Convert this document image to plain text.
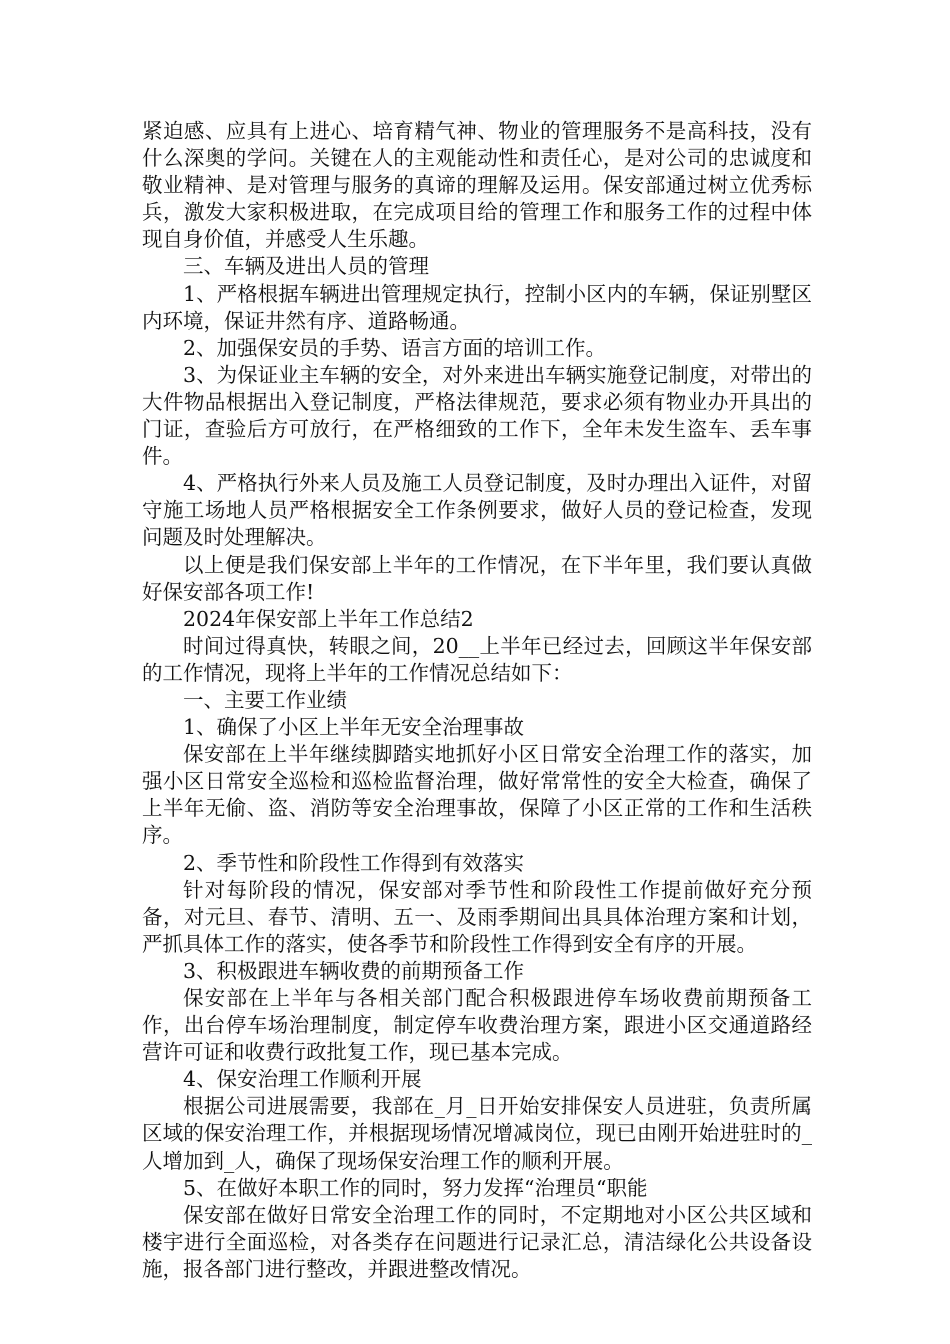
紧迫感、应具有上进心、培育精气神、物业的管理服务不是高科技，没有什么深奥的学问。关键在人的主观能动性和责任心，是对公司的忠诚度和敬业精神、是对管理与服务的真谛的理解及运用。保安部通过树立优秀标兵，激发大家积极进取，在完成项目给的管理工作和服务工作的过程中体现自身价值，并感受人生乐趣。

三、车辆及进出人员的管理

1、严格根据车辆进出管理规定执行，控制小区内的车辆，保证别墅区内环境，保证井然有序、道路畅通。

2、加强保安员的手势、语言方面的培训工作。

3、为保证业主车辆的安全，对外来进出车辆实施登记制度，对带出的大件物品根据出入登记制度，严格法律规范，要求必须有物业办开具出的门证，查验后方可放行，在严格细致的工作下，全年未发生盗车、丢车事件。

4、严格执行外来人员及施工人员登记制度，及时办理出入证件，对留守施工场地人员严格根据安全工作条例要求，做好人员的登记检查，发现问题及时处理解决。

以上便是我们保安部上半年的工作情况，在下半年里，我们要认真做好保安部各项工作!

2024年保安部上半年工作总结2

时间过得真快，转眼之间，20__上半年已经过去，回顾这半年保安部的工作情况，现将上半年的工作情况总结如下：

一、主要工作业绩

1、确保了小区上半年无安全治理事故

保安部在上半年继续脚踏实地抓好小区日常安全治理工作的落实，加强小区日常安全巡检和巡检监督治理，做好常常性的安全大检查，确保了上半年无偷、盗、消防等安全治理事故，保障了小区正常的工作和生活秩序。

2、季节性和阶段性工作得到有效落实

针对每阶段的情况，保安部对季节性和阶段性工作提前做好充分预备，对元旦、春节、清明、五一、及雨季期间出具具体治理方案和计划，严抓具体工作的落实，使各季节和阶段性工作得到安全有序的开展。

3、积极跟进车辆收费的前期预备工作

保安部在上半年与各相关部门配合积极跟进停车场收费前期预备工作，出台停车场治理制度，制定停车收费治理方案，跟进小区交通道路经营许可证和收费行政批复工作，现已基本完成。

4、保安治理工作顺利开展

根据公司进展需要，我部在_月_日开始安排保安人员进驻，负责所属区域的保安治理工作，并根据现场情况增减岗位，现已由刚开始进驻时的_人增加到_人，确保了现场保安治理工作的顺利开展。

5、在做好本职工作的同时，努力发挥“治理员“职能

保安部在做好日常安全治理工作的同时，不定期地对小区公共区域和楼宇进行全面巡检，对各类存在问题进行记录汇总，清洁绿化公共设备设施，报各部门进行整改，并跟进整改情况。
